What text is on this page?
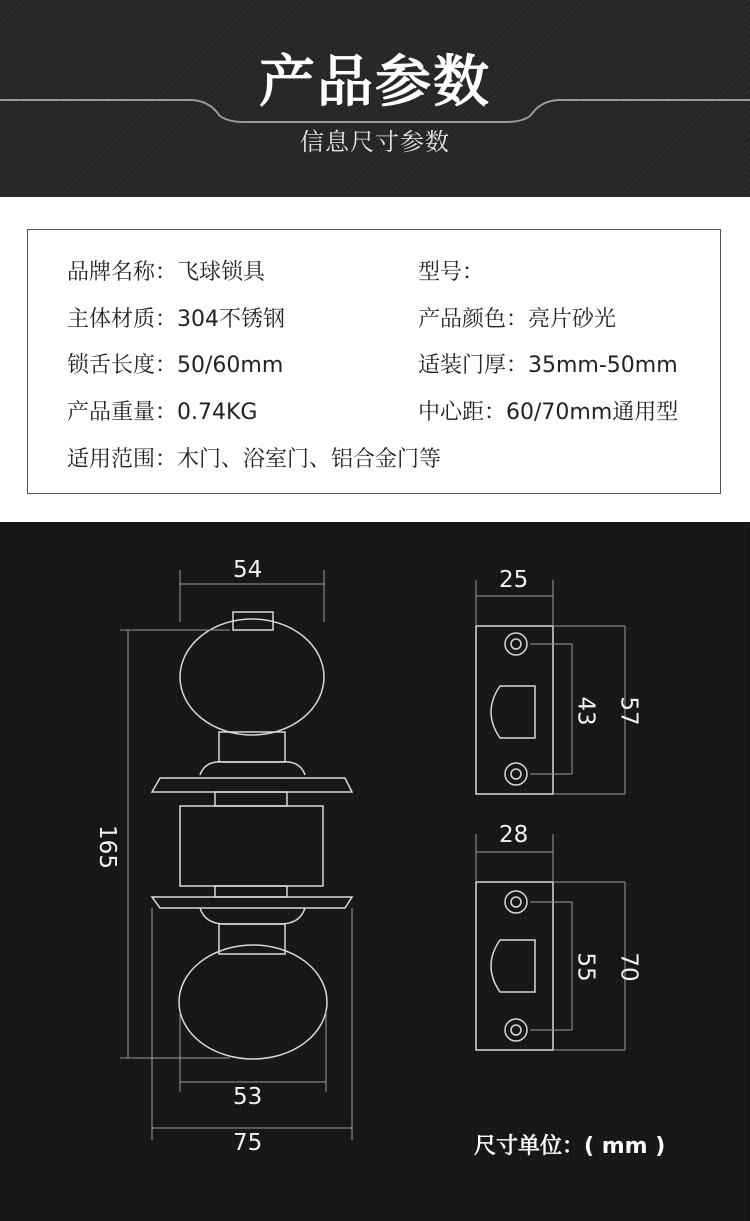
产品参数
信息尺寸参数
品牌名称：飞球锁具	型号：
主体材质：304不锈钢	产品颜色：亮片砂光
锁舌长度：50/60mm	适装门厚：35mm-50mm
产品重量：0.74KG	中心距：60/70mm通用型
适用范围：木门、浴室门、铝合金门等
54
165
53
75
25
43 57
28
55 70
尺寸单位：( mm )
